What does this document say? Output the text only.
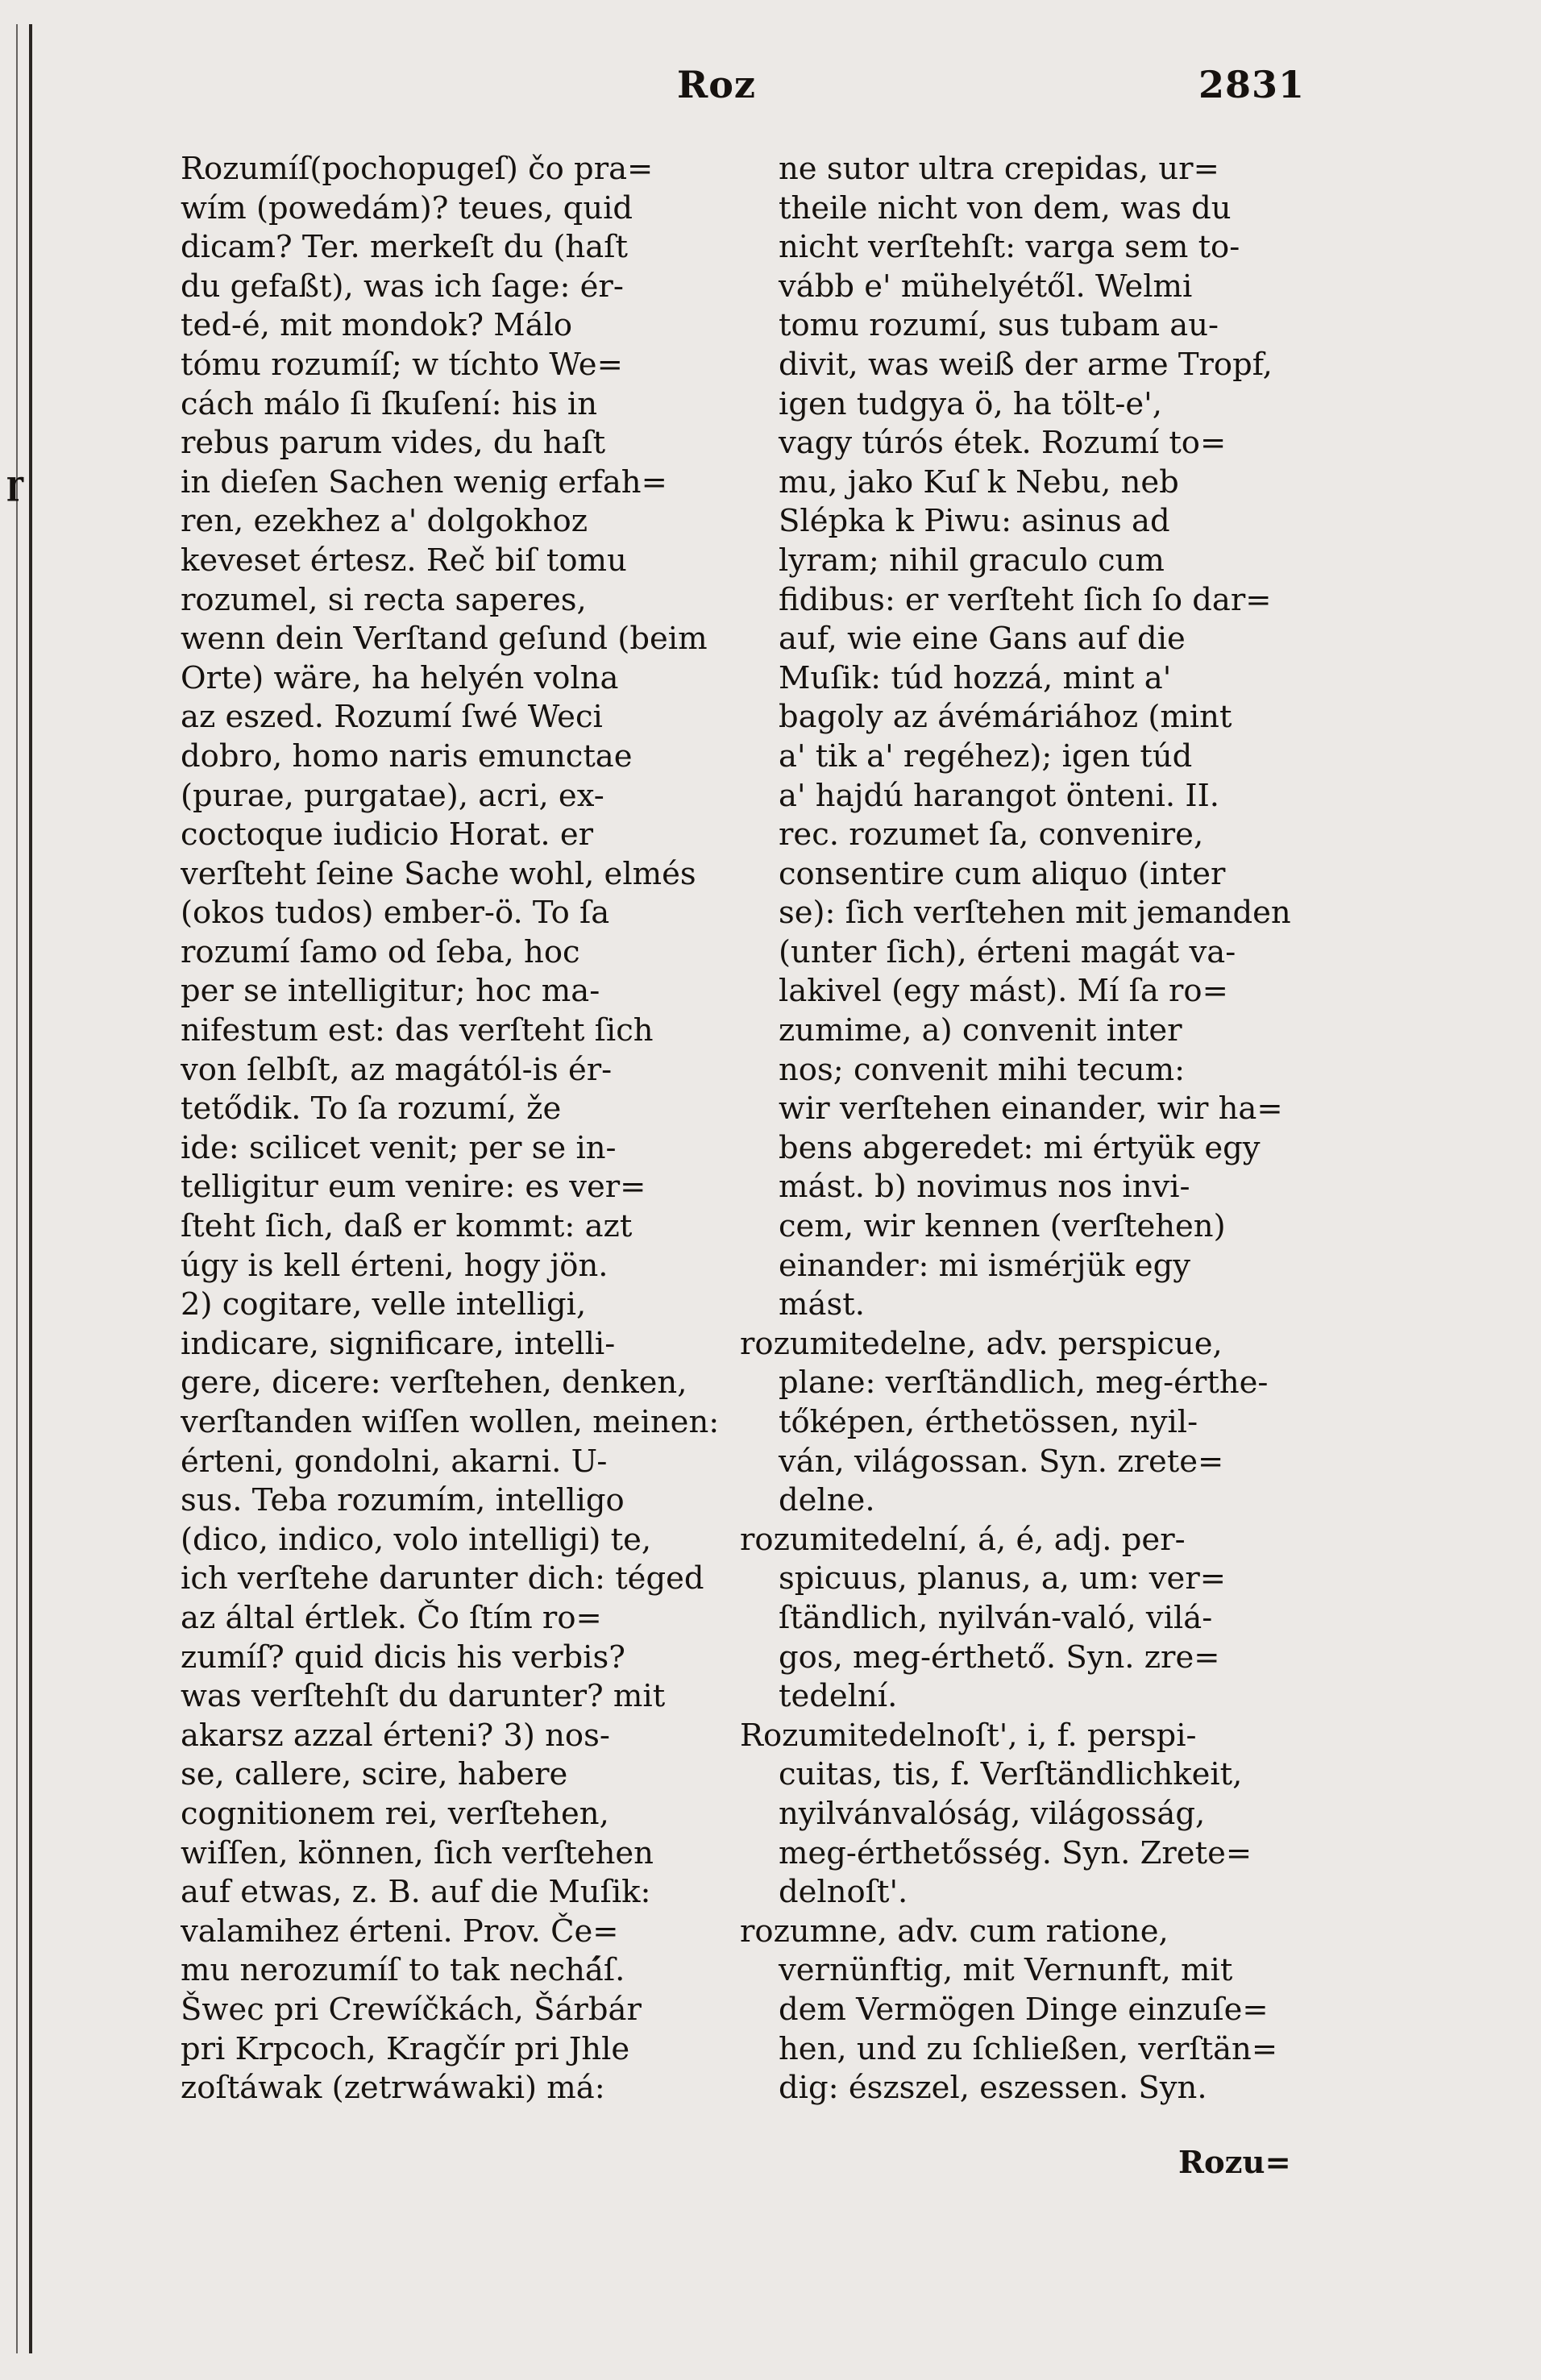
ɼ
Roz	2831
Rozumíſ(pochopugeſ) čo pra=
wím (powedám)? teues, quid
dicam? Ter. merkeſt du (haſt
du gefaßt), was ich ſage: ér-
ted-é, mit mondok? Málo
tómu rozumíſ; w tíchto We=
cách málo ſi ſkuſení: his in
rebus parum vides, du haſt
in dieſen Sachen wenig erfah=
ren, ezekhez a' dolgokhoz
keveset értesz. Reč biſ tomu
rozumel, si recta saperes,
wenn dein Verſtand geſund (beim
Orte) wäre, ha helyén volna
az eszed. Rozumí ſwé Weci
dobro, homo naris emunctae
(purae, purgatae), acri, ex-
coctoque iudicio Horat. er
verſteht ſeine Sache wohl, elmés
(okos tudos) ember-ö. To ſa
rozumí ſamo od ſeba, hoc
per se intelligitur; hoc ma-
nifestum est: das verſteht ſich
von ſelbſt, az magától-is ér-
tetődik. To ſa rozumí, že
ide: scilicet venit; per se in-
telligitur eum venire: es ver=
ſteht ſich, daß er kommt: azt
úgy is kell érteni, hogy jön.
2) cogitare, velle intelligi,
indicare, significare, intelli-
gere, dicere: verſtehen, denken,
verſtanden wiſſen wollen, meinen:
érteni, gondolni, akarni. U-
sus. Teba rozumím, intelligo
(dico, indico, volo intelligi) te,
ich verſtehe darunter dich: téged
az által értlek. Čo ſtím ro=
zumíſ? quid dicis his verbis?
was verſtehſt du darunter? mit
akarsz azzal érteni? 3) nos-
se, callere, scire, habere
cognitionem rei, verſtehen,
wiſſen, können, ſich verſtehen
auf etwas, z. B. auf die Muſik:
valamihez érteni. Prov. Če=
mu nerozumíſ to tak nechá́ſ.
Šwec pri Crewíčkách, Šárbár
pri Krpcoch, Kragčír pri Jhle
zoſtáwak (zetrwáwaki) má:
ne sutor ultra crepidas, ur=
theile nicht von dem, was du
nicht verſtehſt: varga sem to-
vább e' mühelyétől. Welmi
tomu rozumí, sus tubam au-
divit, was weiß der arme Tropf,
igen tudgya ö, ha tölt-e',
vagy túrós étek. Rozumí to=
mu, jako Kuſ k Nebu, neb
Slépka k Piwu: asinus ad
lyram; nihil graculo cum
fidibus: er verſteht ſich ſo dar=
auf, wie eine Gans auf die
Muſik: túd hozzá, mint a'
bagoly az ávémáriához (mint
a' tik a' regéhez); igen túd
a' hajdú harangot önteni. II.
rec. rozumet ſa, convenire,
consentire cum aliquo (inter
se): ſich verſtehen mit jemanden
(unter ſich), érteni magát va-
lakivel (egy mást). Mí ſa ro=
zumime, a) convenit inter
nos; convenit mihi tecum:
wir verſtehen einander, wir ha=
bens abgeredet: mi értyük egy
mást. b) novimus nos invi-
cem, wir kennen (verſtehen)
einander: mi ismérjük egy
mást.
rozumitedelne, adv. perspicue,
plane: verſtändlich, meg-érthe-
tőképen, érthetössen, nyil-
ván, világossan. Syn. zrete=
delne.
rozumitedelní, á, é, adj. per-
spicuus, planus, a, um: ver=
ſtändlich, nyilván-való, vilá-
gos, meg-érthető. Syn. zre=
tedelní.
Rozumitedelnoſt', i, f. perspi-
cuitas, tis, f. Verſtändlichkeit,
nyilvánvalóság, világosság,
meg-érthetősség. Syn. Zrete=
delnoſt'.
rozumne, adv. cum ratione,
vernünftig, mit Vernunft, mit
dem Vermögen Dinge einzuſe=
hen, und zu ſchließen, verſtän=
dig: észszel, eszessen. Syn.
Rozu=
